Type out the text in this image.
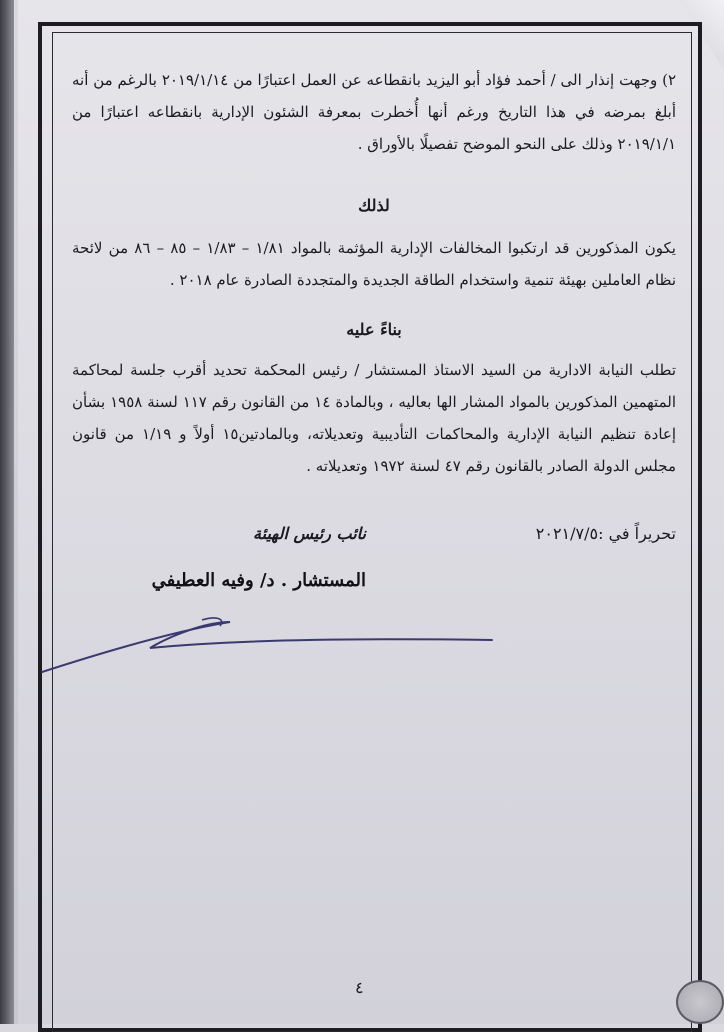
٢) وجهت إنذار الى / أحمد فؤاد أبو اليزيد بانقطاعه عن العمل اعتبارًا من ٢٠١٩/١/١٤ بالرغم من أنه أبلغ بمرضه في هذا التاريخ ورغم أنها أُخطرت بمعرفة الشئون الإدارية بانقطاعه اعتبارًا من ٢٠١٩/١/١ وذلك على النحو الموضح تفصيلًا بالأوراق .

لذلك

يكون المذكورين قد ارتكبوا المخالفات الإدارية المؤثمة بالمواد ١/٨١ – ١/٨٣ – ٨٥ – ٨٦ من لائحة نظام العاملين بهيئة تنمية واستخدام الطاقة الجديدة والمتجددة الصادرة عام ٢٠١٨ .

بناءً عليه

تطلب النيابة الادارية من السيد الاستاذ المستشار / رئيس المحكمة تحديد أقرب جلسة لمحاكمة المتهمين المذكورين بالمواد المشار الها بعاليه ، وبالمادة ١٤ من القانون رقم ١١٧ لسنة ١٩٥٨ بشأن إعادة تنظيم النيابة الإدارية والمحاكمات التأديبية وتعديلاته، وبالمادتين١٥ أولاً و ١/١٩ من قانون مجلس الدولة الصادر بالقانون رقم ٤٧ لسنة ١٩٧٢ وتعديلاته .

تحريراً في :٢٠٢١/٧/٥
نائب رئيس الهيئة
المستشار . د/ وفيه العطيفي
٤
